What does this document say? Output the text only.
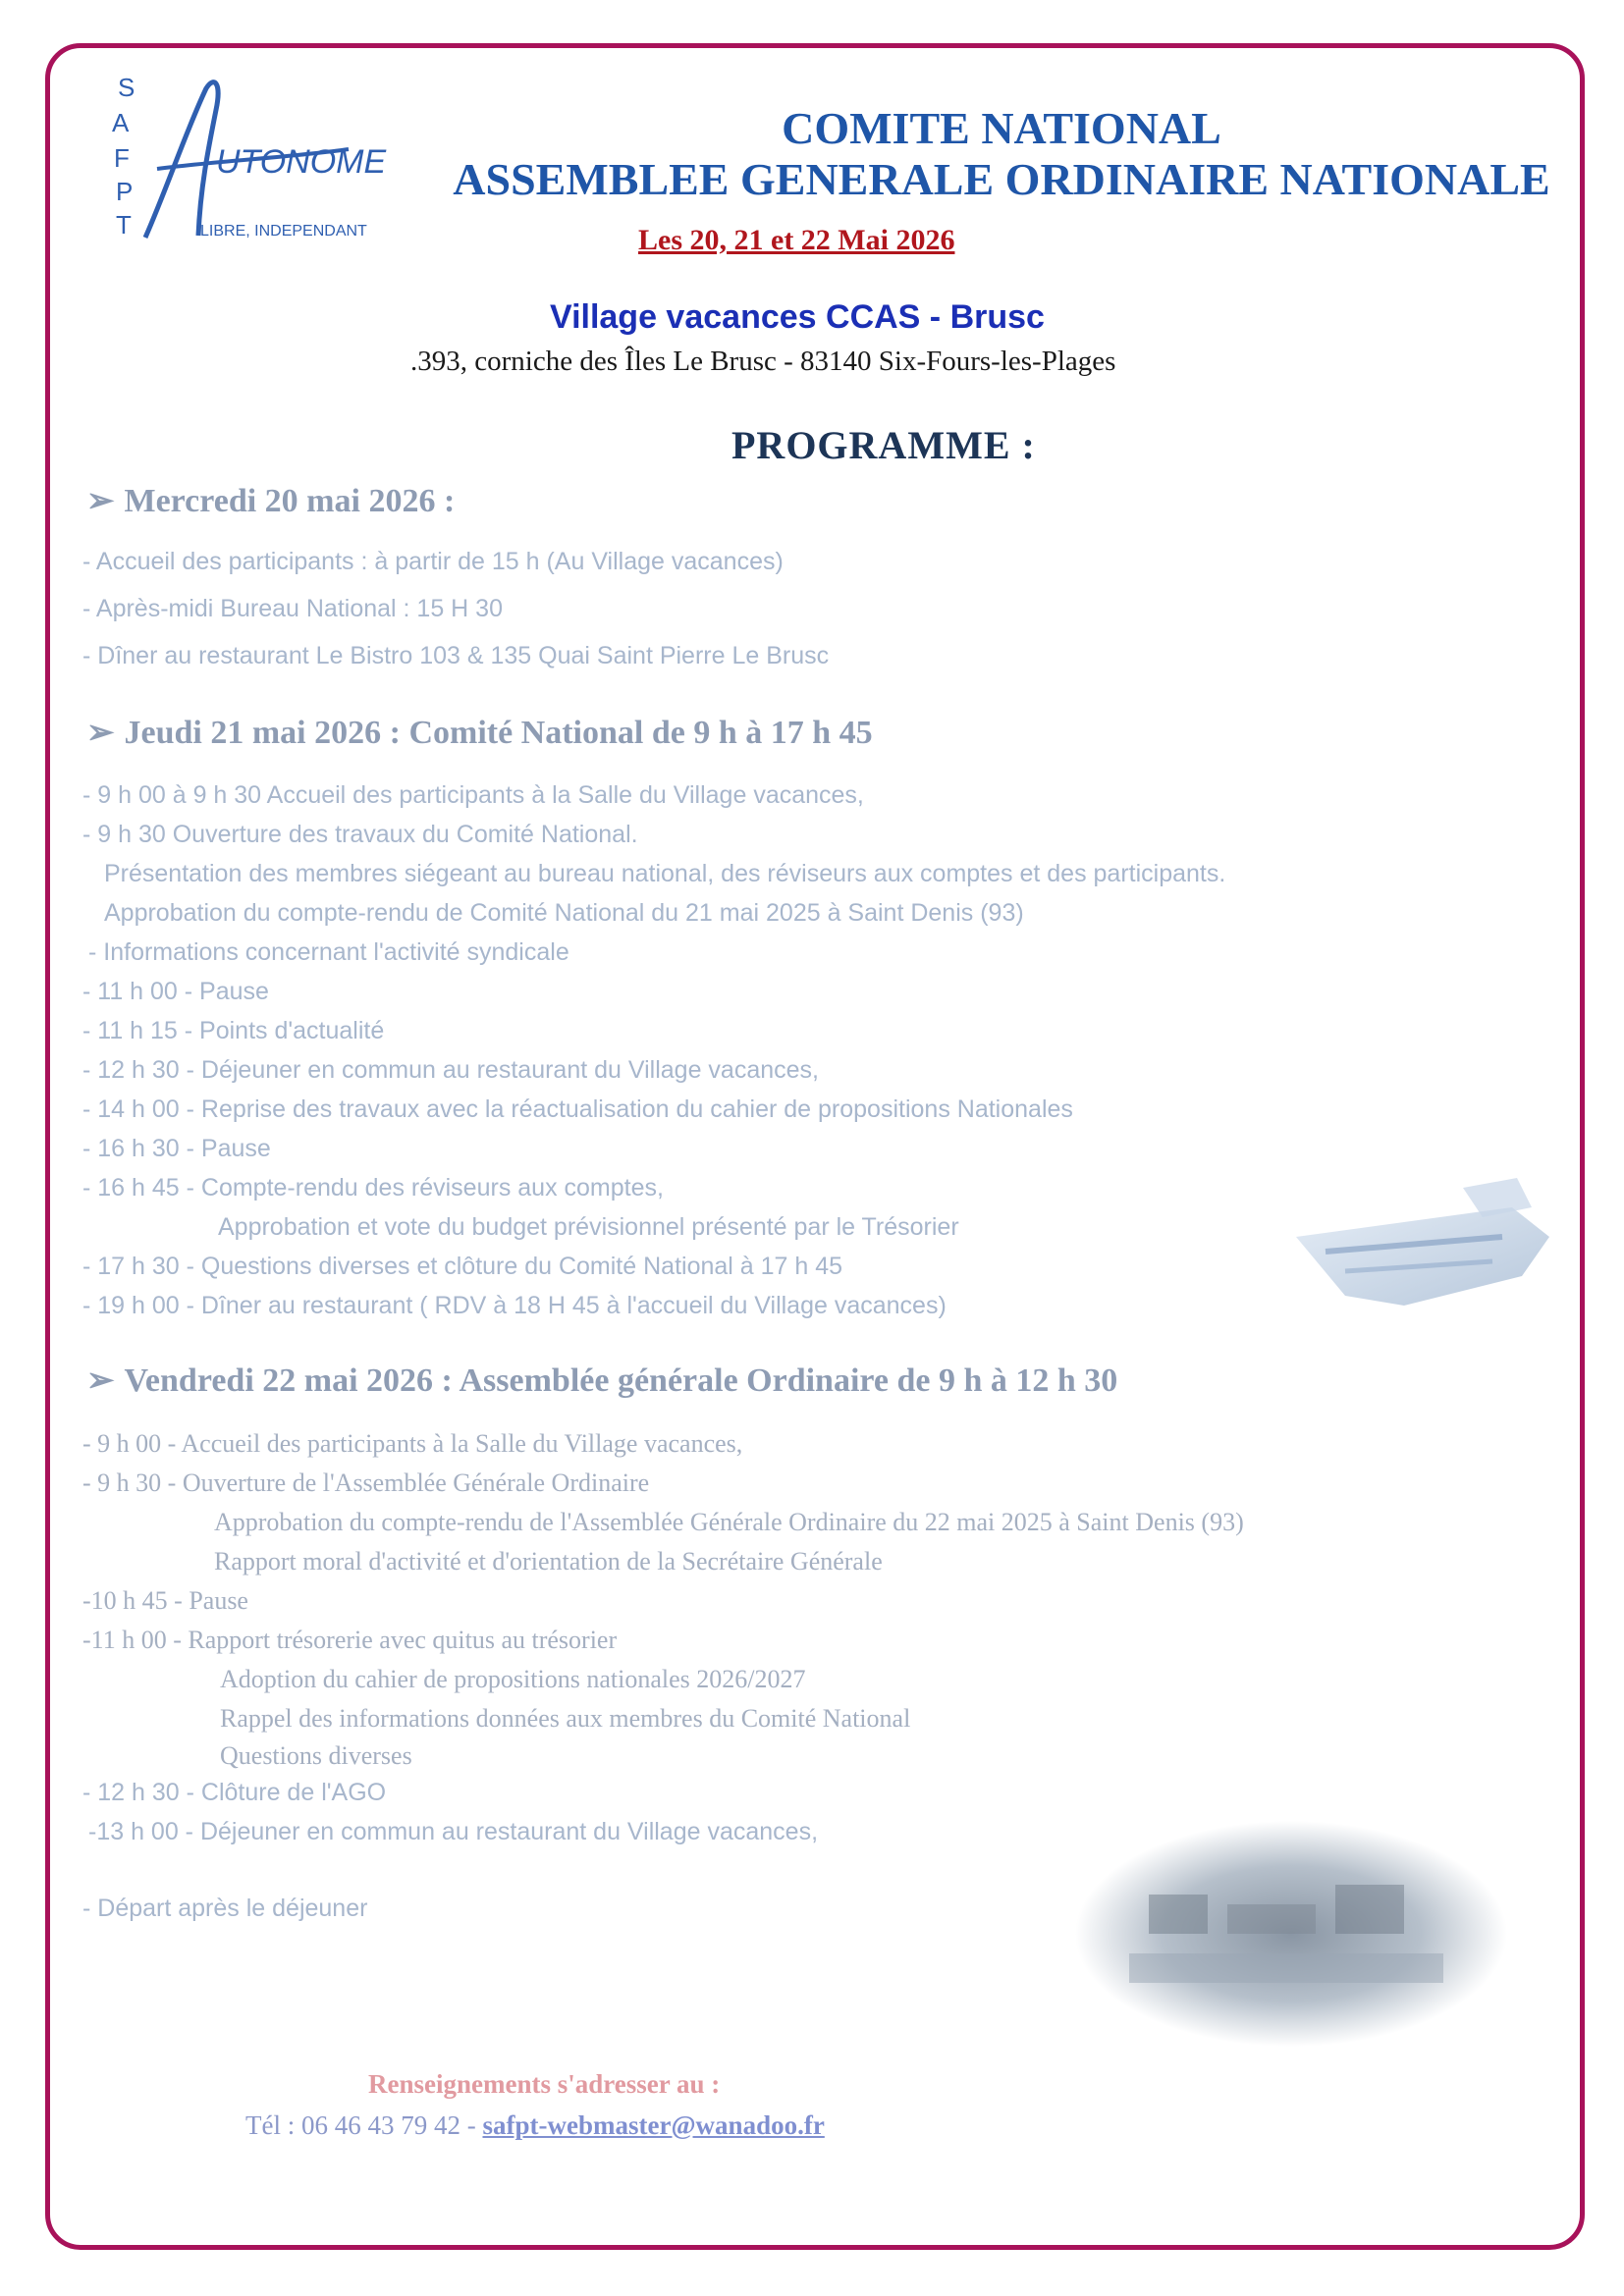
S
A
F
P
T
UTONOME
LIBRE, INDEPENDANT
COMITE NATIONAL
ASSEMBLEE GENERALE ORDINAIRE NATIONALE
Les 20, 21 et 22 Mai 2026
Village vacances CCAS - Brusc
.393, corniche des Îles Le Brusc - 83140 Six-Fours-les-Plages
PROGRAMME :
➢ Mercredi 20 mai 2026 :
- Accueil des participants : à partir de 15 h (Au Village vacances)
- Après-midi Bureau National : 15 H 30
- Dîner au restaurant Le Bistro 103 & 135 Quai Saint Pierre Le Brusc
➢ Jeudi 21 mai 2026 : Comité National de 9 h à 17 h 45
- 9 h 00 à 9 h 30 Accueil des participants à la Salle du Village vacances,
- 9 h 30 Ouverture des travaux du Comité National.
Présentation des membres siégeant au bureau national, des réviseurs aux comptes et des participants.
Approbation du compte-rendu de Comité National du 21 mai 2025 à Saint Denis (93)
- Informations concernant l'activité syndicale
- 11 h 00 - Pause
- 11 h 15 - Points d'actualité
- 12 h 30 - Déjeuner en commun au restaurant du Village vacances,
- 14 h 00 - Reprise des travaux avec la réactualisation du cahier de propositions Nationales
- 16 h 30 - Pause
- 16 h 45 - Compte-rendu des réviseurs aux comptes,
Approbation et vote du budget prévisionnel présenté par le Trésorier
- 17 h 30 - Questions diverses et clôture du Comité National à 17 h 45
- 19 h 00 - Dîner au restaurant ( RDV à 18 H 45 à l'accueil du Village vacances)
➢ Vendredi 22 mai 2026 : Assemblée générale Ordinaire de 9 h à 12 h 30
- 9 h 00 - Accueil des participants à la Salle du Village vacances,
- 9 h 30 - Ouverture de l'Assemblée Générale Ordinaire
Approbation du compte-rendu de l'Assemblée Générale Ordinaire du 22 mai 2025 à Saint Denis (93)
Rapport moral d'activité et d'orientation de la Secrétaire Générale
-10 h 45 - Pause
-11 h 00 - Rapport trésorerie avec quitus au trésorier
Adoption du cahier de propositions nationales 2026/2027
Rappel des informations données aux membres du Comité National
Questions diverses
- 12 h 30 - Clôture de l'AGO
-13 h 00 - Déjeuner en commun au restaurant du Village vacances,
- Départ après le déjeuner
Renseignements s'adresser au :
Tél : 06 46 43 79 42 - safpt-webmaster@wanadoo.fr
